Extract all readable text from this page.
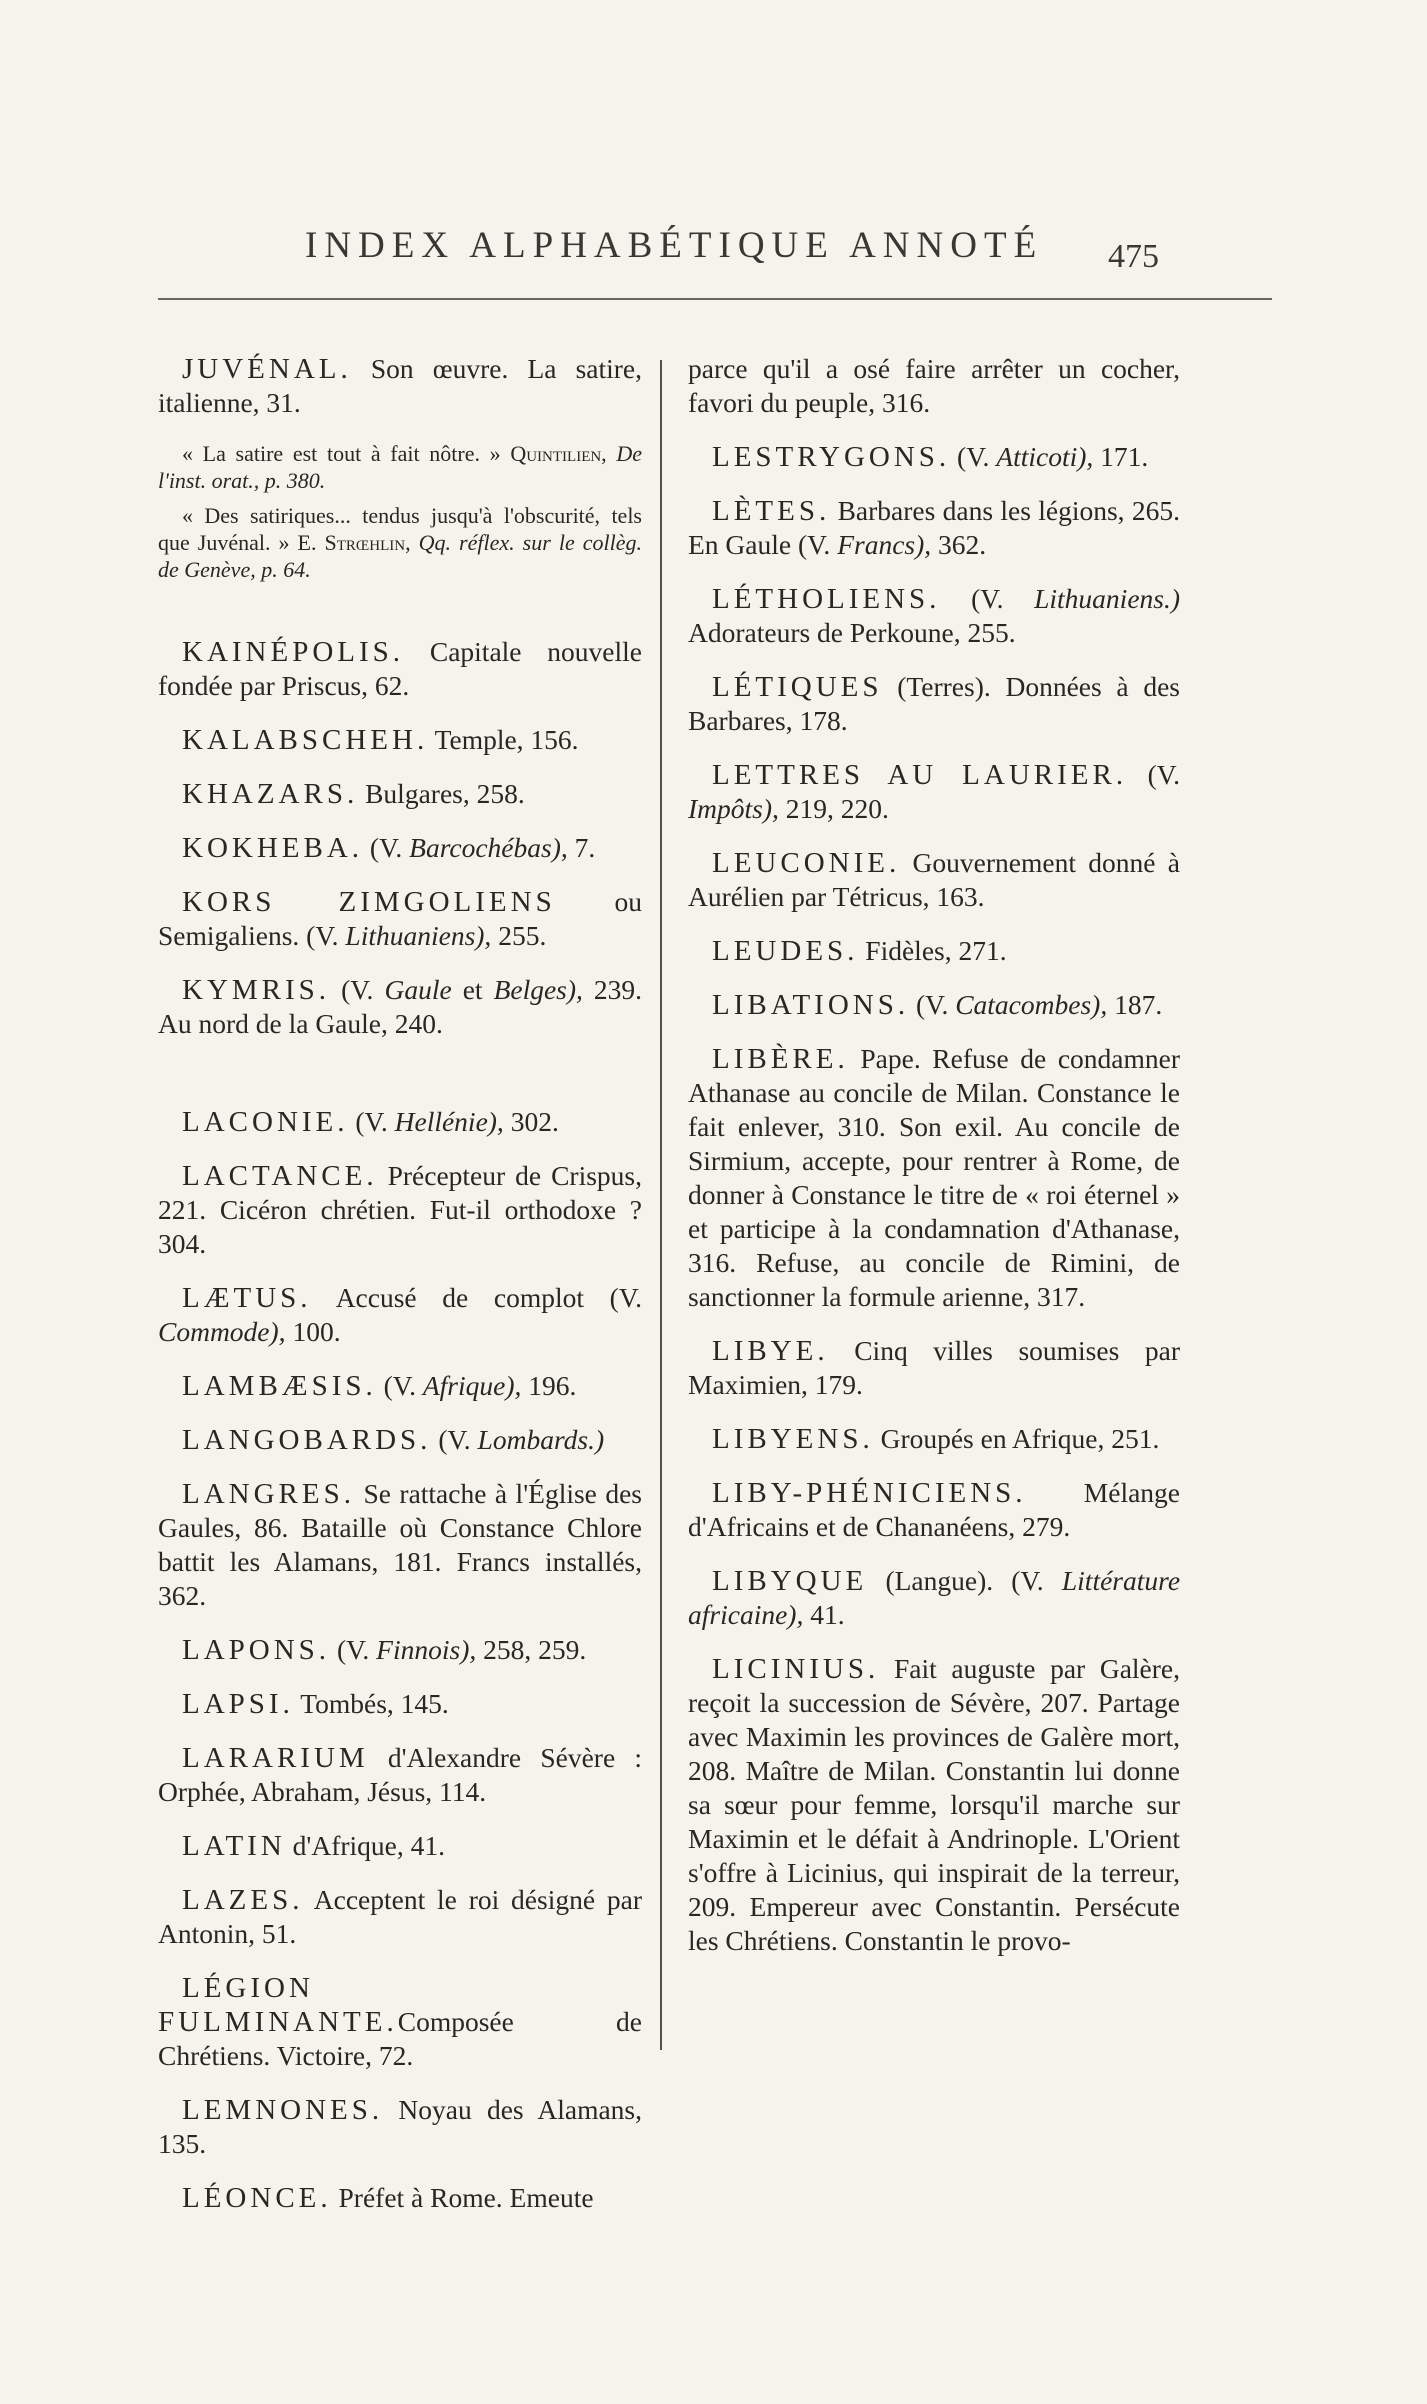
INDEX ALPHABÉTIQUE ANNOTÉ 475

JUVÉNAL. Son œuvre. La satire, italienne, 31.

« La satire est tout à fait nôtre. » Quintilien, De l'inst. orat., p. 380.

« Des satiriques... tendus jusqu'à l'obscurité, tels que Juvénal. » E. Strœhlin, Qq. réflex. sur le collèg. de Genève, p. 64.

KAINÉPOLIS. Capitale nouvelle fondée par Priscus, 62.

KALABSCHEH. Temple, 156.

KHAZARS. Bulgares, 258.

KOKHEBA. (V. Barcochébas), 7.

KORS ZIMGOLIENS ou Semigaliens. (V. Lithuaniens), 255.

KYMRIS. (V. Gaule et Belges), 239. Au nord de la Gaule, 240.

LACONIE. (V. Hellénie), 302.

LACTANCE. Précepteur de Crispus, 221. Cicéron chrétien. Fut-il orthodoxe ? 304.

LÆTUS. Accusé de complot (V. Commode), 100.

LAMBÆSIS. (V. Afrique), 196.

LANGOBARDS. (V. Lombards.)

LANGRES. Se rattache à l'Église des Gaules, 86. Bataille où Constance Chlore battit les Alamans, 181. Francs installés, 362.

LAPONS. (V. Finnois), 258, 259.

LAPSI. Tombés, 145.

LARARIUM d'Alexandre Sévère : Orphée, Abraham, Jésus, 114.

LATIN d'Afrique, 41.

LAZES. Acceptent le roi désigné par Antonin, 51.

LÉGION FULMINANTE.Composée de Chrétiens. Victoire, 72.

LEMNONES. Noyau des Alamans, 135.

LÉONCE. Préfet à Rome. Emeute

parce qu'il a osé faire arrêter un cocher, favori du peuple, 316.

LESTRYGONS. (V. Atticoti), 171.

LÈTES. Barbares dans les légions, 265. En Gaule (V. Francs), 362.

LÉTHOLIENS. (V. Lithuaniens.) Adorateurs de Perkoune, 255.

LÉTIQUES (Terres). Données à des Barbares, 178.

LETTRES AU LAURIER. (V. Impôts), 219, 220.

LEUCONIE. Gouvernement donné à Aurélien par Tétricus, 163.

LEUDES. Fidèles, 271.

LIBATIONS. (V. Catacombes), 187.

LIBÈRE. Pape. Refuse de condamner Athanase au concile de Milan. Constance le fait enlever, 310. Son exil. Au concile de Sirmium, accepte, pour rentrer à Rome, de donner à Constance le titre de « roi éternel » et participe à la condamnation d'Athanase, 316. Refuse, au concile de Rimini, de sanctionner la formule arienne, 317.

LIBYE. Cinq villes soumises par Maximien, 179.

LIBYENS. Groupés en Afrique, 251.

LIBY-PHÉNICIENS. Mélange d'Africains et de Chananéens, 279.

LIBYQUE (Langue). (V. Littérature africaine), 41.

LICINIUS. Fait auguste par Galère, reçoit la succession de Sévère, 207. Partage avec Maximin les provinces de Galère mort, 208. Maître de Milan. Constantin lui donne sa sœur pour femme, lorsqu'il marche sur Maximin et le défait à Andrinople. L'Orient s'offre à Licinius, qui inspirait de la terreur, 209. Empereur avec Constantin. Persécute les Chrétiens. Constantin le provo-
